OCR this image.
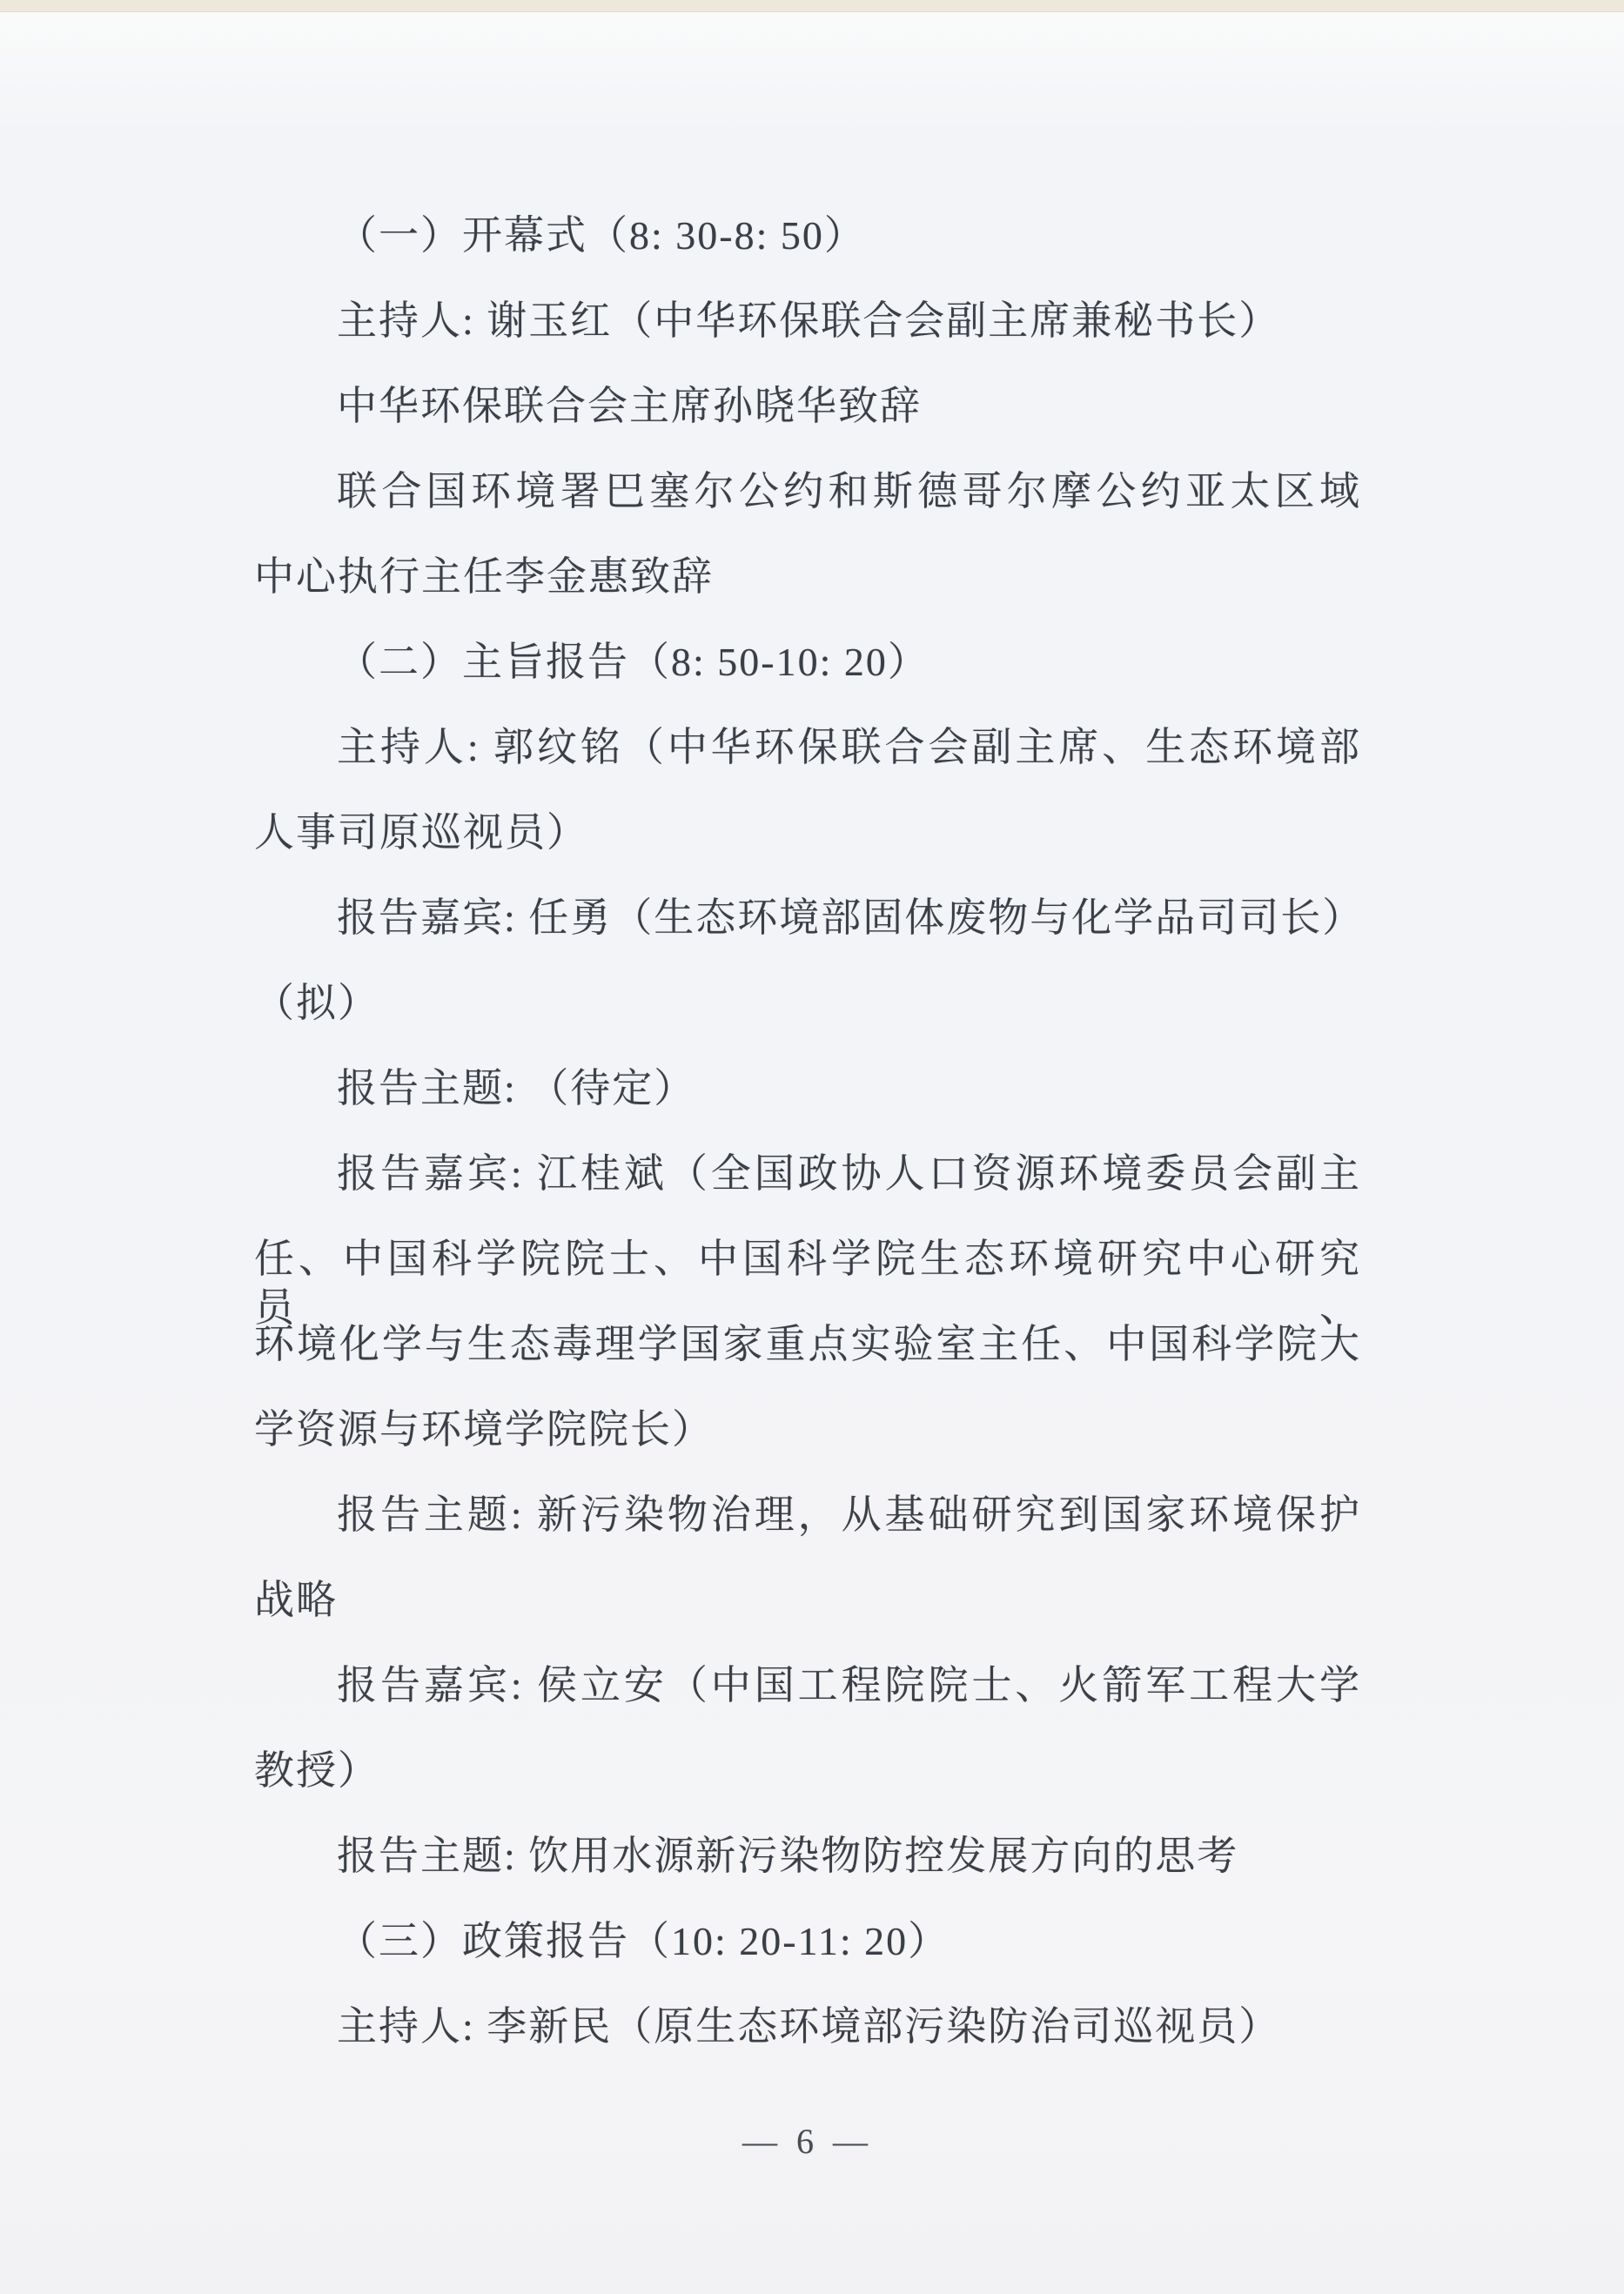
（一）开幕式（8: 30-8: 50）
主持人: 谢玉红（中华环保联合会副主席兼秘书长）
中华环保联合会主席孙晓华致辞
联合国环境署巴塞尔公约和斯德哥尔摩公约亚太区域
中心执行主任李金惠致辞
（二）主旨报告（8: 50-10: 20）
主持人: 郭纹铭（中华环保联合会副主席、生态环境部
人事司原巡视员）
报告嘉宾: 任勇（生态环境部固体废物与化学品司司长）
（拟）
报告主题: （待定）
报告嘉宾: 江桂斌（全国政协人口资源环境委员会副主
任、中国科学院院士、中国科学院生态环境研究中心研究员、
环境化学与生态毒理学国家重点实验室主任、中国科学院大
学资源与环境学院院长）
报告主题: 新污染物治理，从基础研究到国家环境保护
战略
报告嘉宾: 侯立安（中国工程院院士、火箭军工程大学
教授）
报告主题: 饮用水源新污染物防控发展方向的思考
（三）政策报告（10: 20-11: 20）
主持人: 李新民（原生态环境部污染防治司巡视员）
— 6 —
